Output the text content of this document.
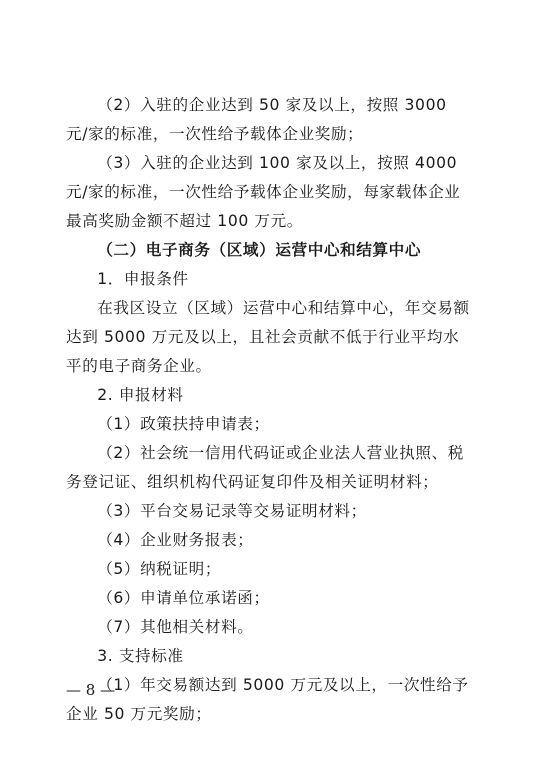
（2）入驻的企业达到 50 家及以上，按照 3000 元/家的标准，一次性给予载体企业奖励；

（3）入驻的企业达到 100 家及以上，按照 4000 元/家的标准，一次性给予载体企业奖励，每家载体企业最高奖励金额不超过 100 万元。

（二）电子商务（区域）运营中心和结算中心

1．申报条件

在我区设立（区域）运营中心和结算中心，年交易额达到 5000 万元及以上，且社会贡献不低于行业平均水平的电子商务企业。

2. 申报材料

（1）政策扶持申请表；

（2）社会统一信用代码证或企业法人营业执照、税务登记证、组织机构代码证复印件及相关证明材料；

（3）平台交易记录等交易证明材料；

（4）企业财务报表；

（5）纳税证明；

（6）申请单位承诺函；

（7）其他相关材料。

3. 支持标准

（1）年交易额达到 5000 万元及以上，一次性给予企业 50 万元奖励；

— 8 —
